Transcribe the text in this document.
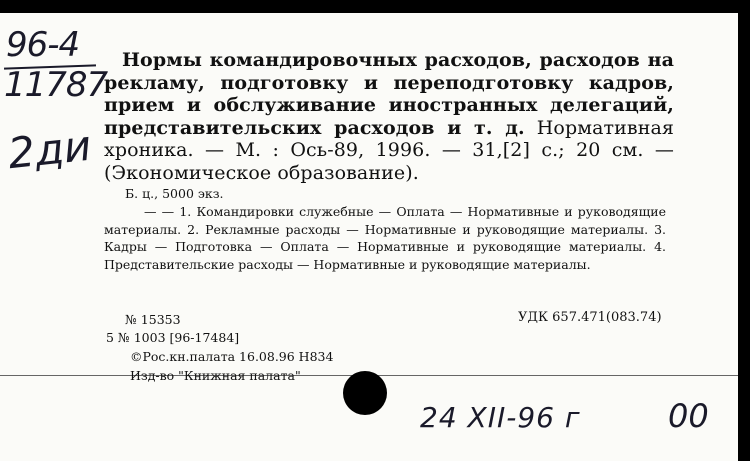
96-4
11787
2ди
Нормы командировочных расходов, расходов на рекламу, подготовку и переподготовку кадров, прием и обслуживание иностранных делегаций, представительских расходов и т. д. Нормативная хроника. — М. : Ось-89, 1996. — 31,[2] с.; 20 см. — (Экономическое образование).
Б. ц., 5000 экз.
— — 1. Командировки служебные — Оплата — Нормативные и руководящие материалы. 2. Рекламные расходы — Нормативные и руководящие материалы. 3. Кадры — Подготовка — Оплата — Нормативные и руководящие материалы. 4. Представительские расходы — Нормативные и руководящие материалы.
№ 15353	УДК 657.471(083.74)
5 № 1003 [96-17484]
©Рос.кн.палата 16.08.96 Н834
Изд-во "Книжная палата"
24 ХII-96 г	00
